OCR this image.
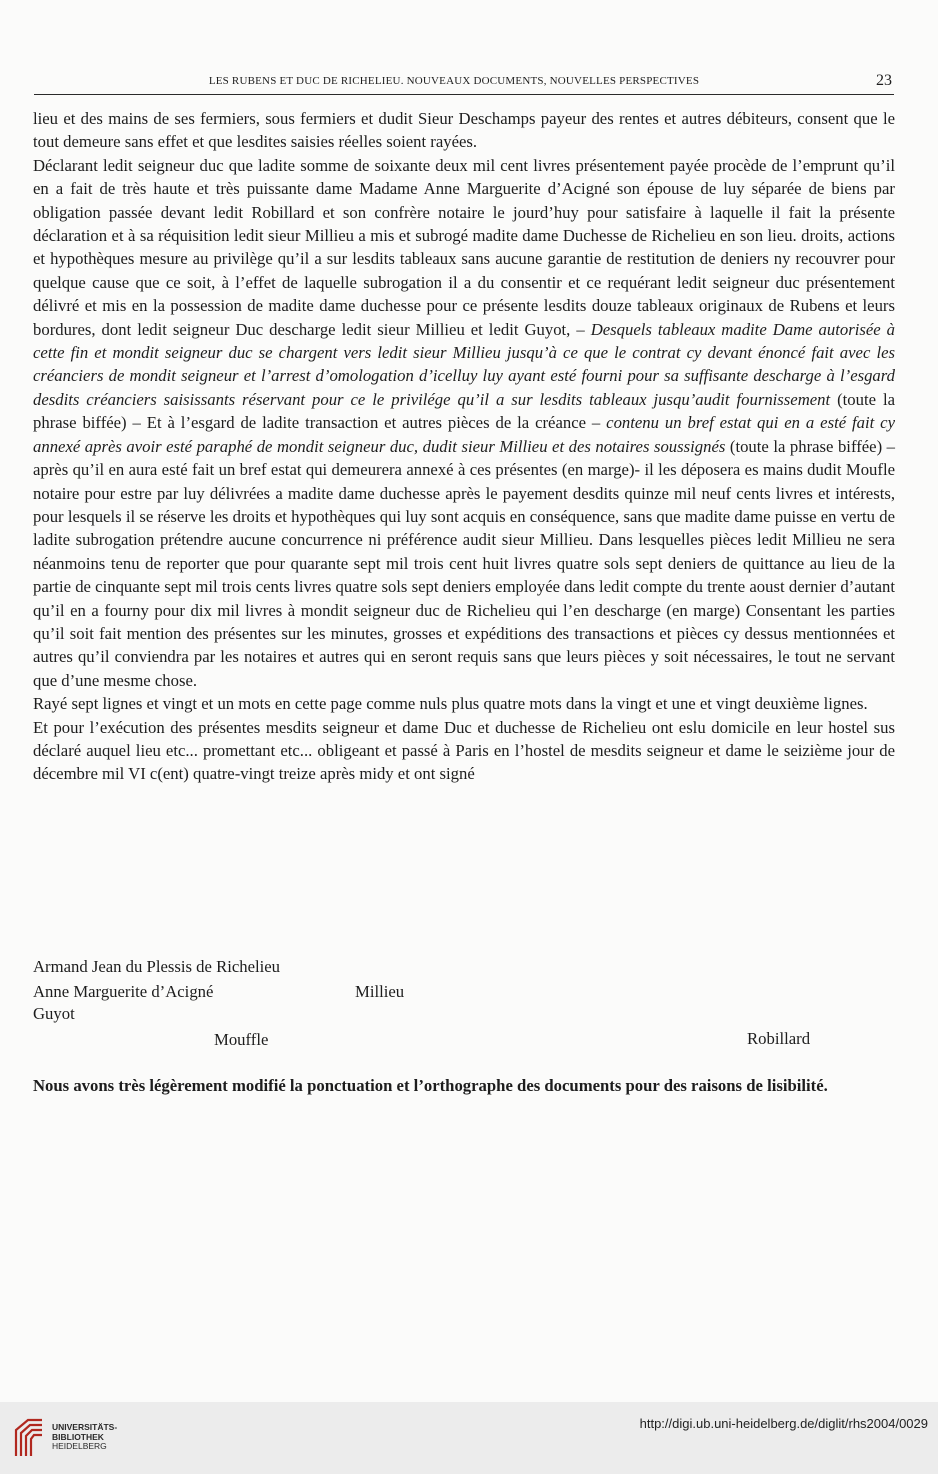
LES RUBENS ET DUC DE RICHELIEU. NOUVEAUX DOCUMENTS, NOUVELLES PERSPECTIVES	23

lieu et des mains de ses fermiers, sous fermiers et dudit Sieur Deschamps payeur des rentes et autres débiteurs, consent que le tout demeure sans effet et que lesdites saisies réelles soient rayées.

Déclarant ledit seigneur duc que ladite somme de soixante deux mil cent livres présentement payée procède de l’emprunt qu’il en a fait de très haute et très puissante dame Madame Anne Marguerite d’Acigné son épouse de luy séparée de biens par obligation passée devant ledit Robillard et son confrère notaire le jourd’huy pour satisfaire à laquelle il fait la présente déclaration et à sa réquisition ledit sieur Millieu a mis et subrogé madite dame Duchesse de Richelieu en son lieu. droits, actions et hypothèques mesure au privilège qu’il a sur lesdits tableaux sans aucune garantie de restitution de deniers ny recouvrer pour quelque cause que ce soit, à l’effet de laquelle subrogation il a du consentir et ce requérant ledit seigneur duc présentement délivré et mis en la possession de madite dame duchesse pour ce présente lesdits douze tableaux originaux de Rubens et leurs bordures, dont ledit seigneur Duc descharge ledit sieur Millieu et ledit Guyot, – Desquels tableaux madite Dame autorisée à cette fin et mondit seigneur duc se chargent vers ledit sieur Millieu jusqu’à ce que le contrat cy devant énoncé fait avec les créanciers de mondit seigneur et l’arrest d’omologation d’icelluy luy ayant esté fourni pour sa suffisante descharge à l’esgard desdits créanciers saisissants réservant pour ce le privilége qu’il a sur lesdits tableaux jusqu’audit fournissement (toute la phrase biffée) – Et à l’esgard de ladite transaction et autres pièces de la créance – contenu un bref estat qui en a esté fait cy annexé après avoir esté paraphé de mondit seigneur duc, dudit sieur Millieu et des notaires soussignés (toute la phrase biffée) – après qu’il en aura esté fait un bref estat qui demeurera annexé à ces présentes (en marge)- il les déposera es mains dudit Moufle notaire pour estre par luy délivrées a madite dame duchesse après le payement desdits quinze mil neuf cents livres et intérests, pour lesquels il se réserve les droits et hypothèques qui luy sont acquis en conséquence, sans que madite dame puisse en vertu de ladite subrogation prétendre aucune concurrence ni préférence audit sieur Millieu. Dans lesquelles pièces ledit Millieu ne sera néanmoins tenu de reporter que pour quarante sept mil trois cent huit livres quatre sols sept deniers de quittance au lieu de la partie de cinquante sept mil trois cents livres quatre sols sept deniers employée dans ledit compte du trente aoust dernier d’autant qu’il en a fourny pour dix mil livres à mondit seigneur duc de Richelieu qui l’en descharge (en marge) Consentant les parties qu’il soit fait mention des présentes sur les minutes, grosses et expéditions des transactions et pièces cy dessus mentionnées et autres qu’il conviendra par les notaires et autres qui en seront requis sans que leurs pièces y soit nécessaires, le tout ne servant que d’une mesme chose.

Rayé sept lignes et vingt et un mots en cette page comme nuls plus quatre mots dans la vingt et une et vingt deuxième lignes.

Et pour l’exécution des présentes mesdits seigneur et dame Duc et duchesse de Richelieu ont eslu domicile en leur hostel sus déclaré auquel lieu etc... promettant etc... obligeant et passé à Paris en l’hostel de mesdits seigneur et dame le seizième jour de décembre mil VI c(ent) quatre-vingt treize après midy et ont signé

Armand Jean du Plessis de Richelieu
Anne Marguerite d’Acigné	Millieu
Guyot
Mouffle	Robillard
Nous avons très légèrement modifié la ponctuation et l’orthographe des documents pour des raisons de lisibilité.
UNIVERSITÄTS-
BIBLIOTHEK
HEIDELBERG
http://digi.ub.uni-heidelberg.de/diglit/rhs2004/0029
